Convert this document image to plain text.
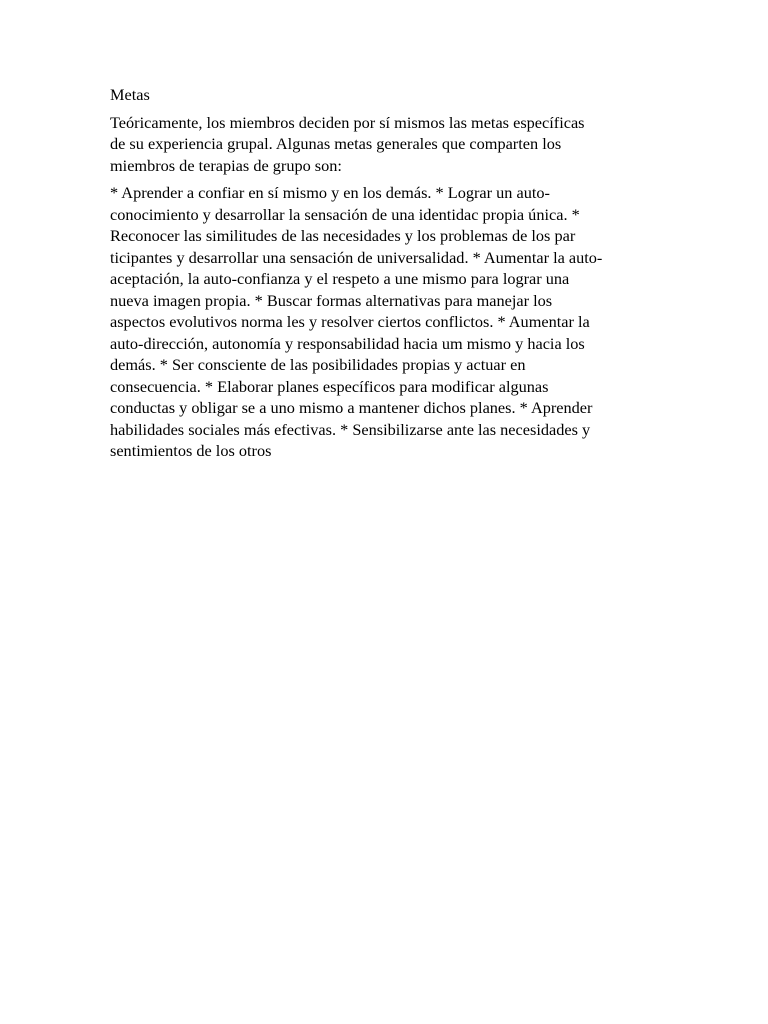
Metas
Teóricamente, los miembros deciden por sí mismos las metas específicas
de su experiencia grupal. Algunas metas generales que comparten los
miembros de terapias de grupo son:
* Aprender a confiar en sí mismo y en los demás. * Lograr un auto-
conocimiento y desarrollar la sensación de una identidac propia única. *
Reconocer las similitudes de las necesidades y los problemas de los par
ticipantes y desarrollar una sensación de universalidad. * Aumentar la auto-
aceptación, la auto-confianza y el respeto a une mismo para lograr una
nueva imagen propia. * Buscar formas alternativas para manejar los
aspectos evolutivos norma les y resolver ciertos conflictos. * Aumentar la
auto-dirección, autonomía y responsabilidad hacia um mismo y hacia los
demás. * Ser consciente de las posibilidades propias y actuar en
consecuencia. * Elaborar planes específicos para modificar algunas
conductas y obligar se a uno mismo a mantener dichos planes. * Aprender
habilidades sociales más efectivas. * Sensibilizarse ante las necesidades y
sentimientos de los otros
